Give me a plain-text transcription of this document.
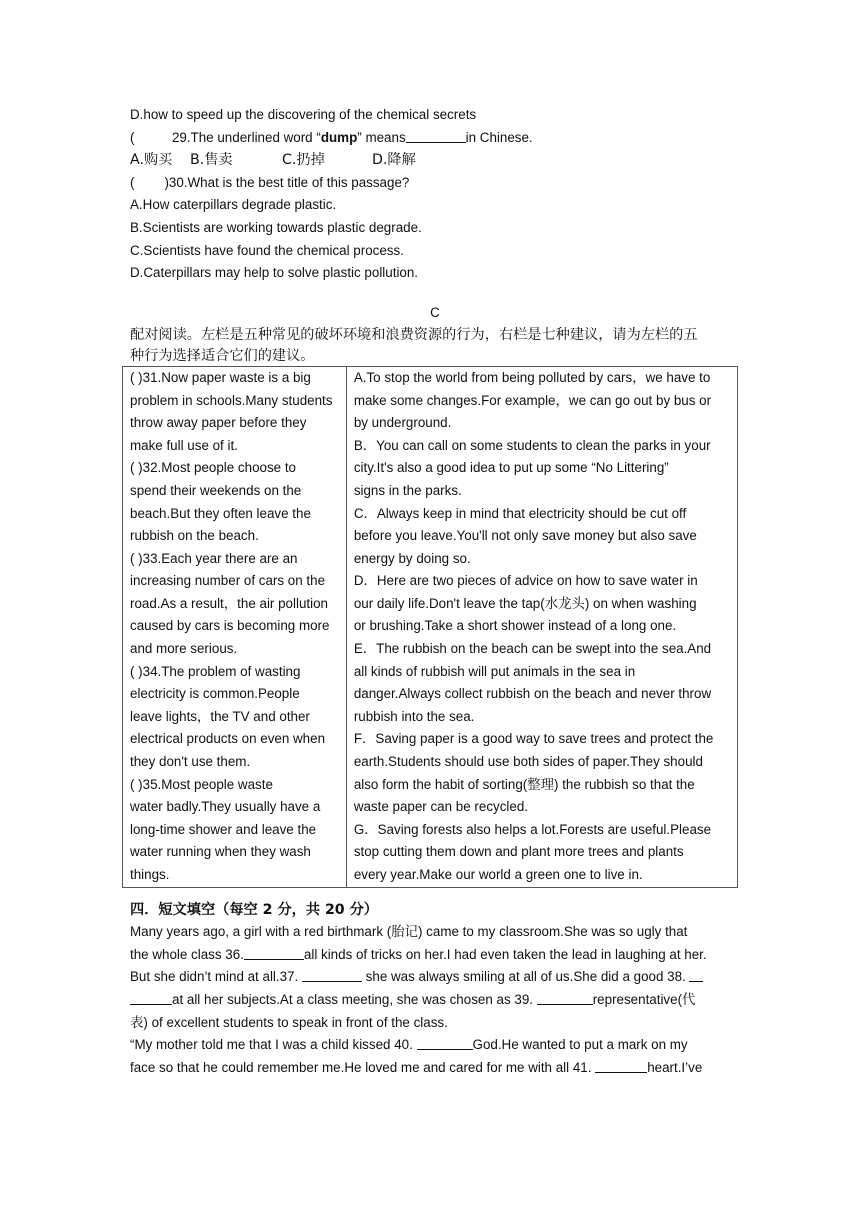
D.how to speed up the discovering of the chemical secrets
(	29.The underlined word “dump” means	in Chinese.
A.购买 B.售卖	C.扔掉	D.降解
( )30.What is the best title of this passage?
A.How caterpillars degrade plastic.
B.Scientists are working towards plastic degrade.
C.Scientists have found the chemical process.
D.Caterpillars may help to solve plastic pollution.
C
配对阅读。左栏是五种常见的破坏环境和浪费资源的行为，右栏是七种建议，请为左栏的五
种行为选择适合它们的建议。
( )31.Now paper waste is a big
problem in schools.Many students
throw away paper before they
make full use of it.
( )32.Most people choose to
spend their weekends on the
beach.But they often leave the
rubbish on the beach.
( )33.Each year there are an
increasing number of cars on the
road.As a result，the air pollution
caused by cars is becoming more
and more serious.
( )34.The problem of wasting
electricity is common.People
leave lights，the TV and other
electrical products on even when
they don't use them.
( )35.Most people waste
water badly.They usually have a
long-time shower and leave the
water running when they wash
things.

A.To stop the world from being polluted by cars，we have to
make some changes.For example，we can go out by bus or
by underground.
B．You can call on some students to clean the parks in your
city.It's also a good idea to put up some “No Littering”
signs in the parks.
C．Always keep in mind that electricity should be cut off
before you leave.You'll not only save money but also save
energy by doing so.
D．Here are two pieces of advice on how to save water in
our daily life.Don't leave the tap(水龙头) on when washing
or brushing.Take a short shower instead of a long one.
E．The rubbish on the beach can be swept into the sea.And
all kinds of rubbish will put animals in the sea in
danger.Always collect rubbish on the beach and never throw
rubbish into the sea.
F．Saving paper is a good way to save trees and protect the
earth.Students should use both sides of paper.They should
also form the habit of sorting(整理) the rubbish so that the
waste paper can be recycled.
G．Saving forests also helps a lot.Forests are useful.Please
stop cutting them down and plant more trees and plants
every year.Make our world a green one to live in.
四．短文填空（每空 2 分，共 20 分）
Many years ago, a girl with a red birthmark (胎记) came to my classroom.She was so ugly that
the whole class 36.	all kinds of tricks on her.I had even taken the lead in laughing at her.
But she didn’t mind at all.37.	she was always smiling at all of us.She did a good 38.
at all her subjects.At a class meeting, she was chosen as 39.	representative(代
表) of excellent students to speak in front of the class.
“My mother told me that I was a child kissed 40.	God.He wanted to put a mark on my
face so that he could remember me.He loved me and cared for me with all 41.	heart.I’ve
